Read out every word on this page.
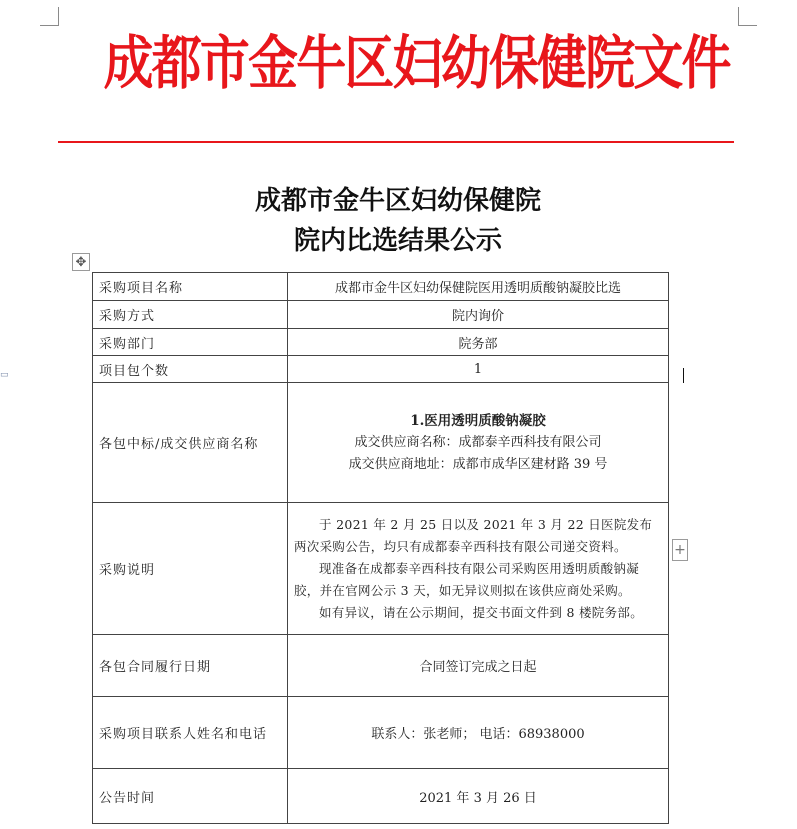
▭
成都市金牛区妇幼保健院文件
成都市金牛区妇幼保健院
院内比选结果公示
✥
+
采购项目名称	成都市金牛区妇幼保健院医用透明质酸钠凝胶比选
采购方式	院内询价
采购部门	院务部
项目包个数	1
各包中标/成交供应商名称	1.医用透明质酸钠凝胶
成交供应商名称：成都泰辛西科技有限公司
成交供应商地址：成都市成华区建材路 39 号

采购说明	于 2021 年 2 月 25 日以及 2021 年 3 月 22 日医院发布两次采购公告，均只有成都泰辛西科技有限公司递交资料。

现准备在成都泰辛西科技有限公司采购医用透明质酸钠凝胶，并在官网公示 3 天，如无异议则拟在该供应商处采购。

如有异议，请在公示期间，提交书面文件到 8 楼院务部。

各包合同履行日期	合同签订完成之日起
采购项目联系人姓名和电话	联系人：张老师； 电话：68938000
公告时间	2021 年 3 月 26 日
